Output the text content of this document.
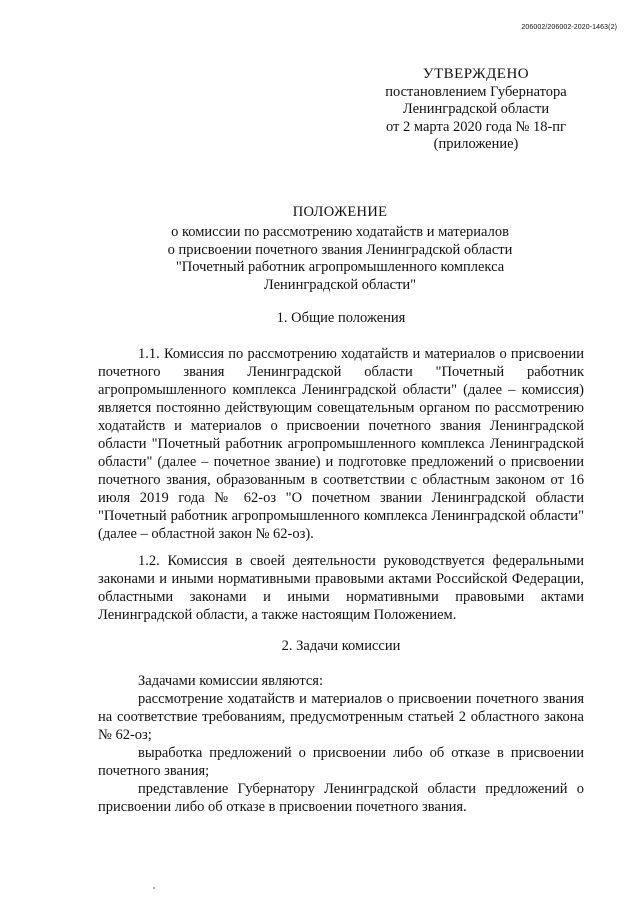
206002/206002-2020-1463(2)
УТВЕРЖДЕНО
постановлением Губернатора
Ленинградской области
от 2 марта 2020 года № 18-пг
(приложение)
ПОЛОЖЕНИЕ
о комиссии по рассмотрению ходатайств и материалов
о присвоении почетного звания Ленинградской области
"Почетный работник агропромышленного комплекса
Ленинградской области"
1. Общие положения
1.1. Комиссия по рассмотрению ходатайств и материалов о присвоении почетного звания Ленинградской области "Почетный работник агропромышленного комплекса Ленинградской области" (далее – комиссия) является постоянно действующим совещательным органом по рассмотрению ходатайств и материалов о присвоении почетного звания Ленинградской области "Почетный работник агропромышленного комплекса Ленинградской области" (далее – почетное звание) и подготовке предложений о присвоении почетного звания, образованным в соответствии с областным законом от 16 июля 2019 года № 62-оз "О почетном звании Ленинградской области "Почетный работник агропромышленного комплекса Ленинградской области" (далее – областной закон № 62-оз).
1.2. Комиссия в своей деятельности руководствуется федеральными законами и иными нормативными правовыми актами Российской Федерации, областными законами и иными нормативными правовыми актами Ленинградской области, а также настоящим Положением.
2. Задачи комиссии
Задачами комиссии являются:
рассмотрение ходатайств и материалов о присвоении почетного звания на соответствие требованиям, предусмотренным статьей 2 областного закона № 62-оз;
выработка предложений о присвоении либо об отказе в присвоении почетного звания;
представление Губернатору Ленинградской области предложений о присвоении либо об отказе в присвоении почетного звания.
